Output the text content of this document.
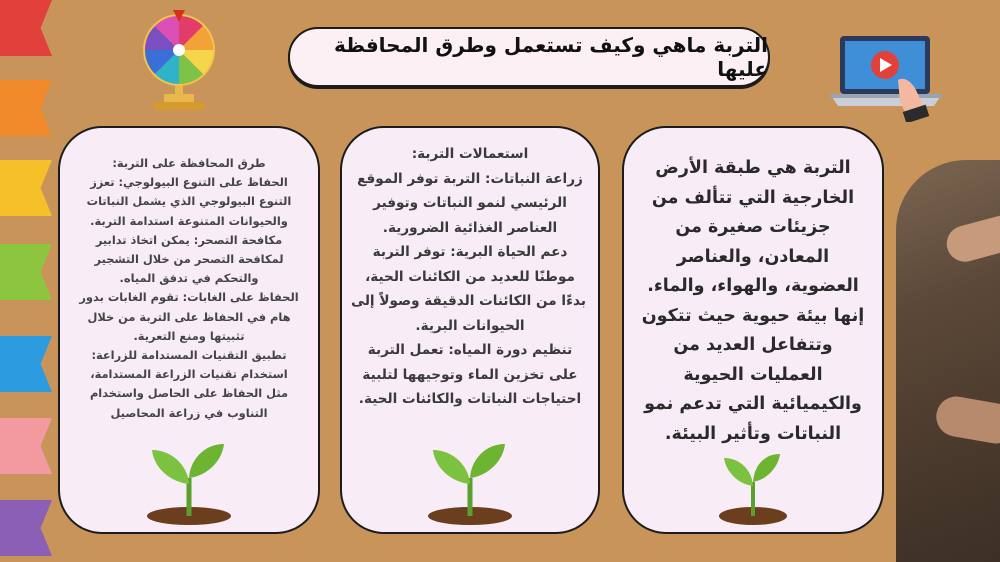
التربة ماهي وكيف تستعمل وطرق المحافظة عليها

التربة هي طبقة الأرض الخارجية التي تتألف من جزيئات صغيرة من المعادن، والعناصر العضوية، والهواء، والماء. إنها بيئة حيوية حيث تتكون وتتفاعل العديد من العمليات الحيوية والكيميائية التي تدعم نمو النباتات وتأثير البيئة.

استعمالات التربة:
زراعة النباتات: التربة توفر الموقع
الرئيسي لنمو النباتات وتوفير
العناصر الغذائية الضرورية.
دعم الحياة البرية: توفر التربة
موطنًا للعديد من الكائنات الحية،
بدءًا من الكائنات الدقيقة وصولاً إلى
الحيوانات البرية.
تنظيم دورة المياه: تعمل التربة
على تخزين الماء وتوجيهها لتلبية
احتياجات النباتات والكائنات الحية.
طرق المحافظة على التربة:
الحفاظ على التنوع البيولوجي: تعزز
التنوع البيولوجي الذي يشمل النباتات
والحيوانات المتنوعة استدامة التربة.
مكافحة التصحر: يمكن اتخاذ تدابير
لمكافحة التصحر من خلال التشجير
والتحكم في تدفق المياه.
الحفاظ على الغابات: تقوم الغابات بدور
هام في الحفاظ على التربة من خلال
تثبيتها ومنع التعرية.
تطبيق التقنيات المستدامة للزراعة:
استخدام تقنيات الزراعة المستدامة،
مثل الحفاظ على الحاصل واستخدام
التناوب في زراعة المحاصيل
